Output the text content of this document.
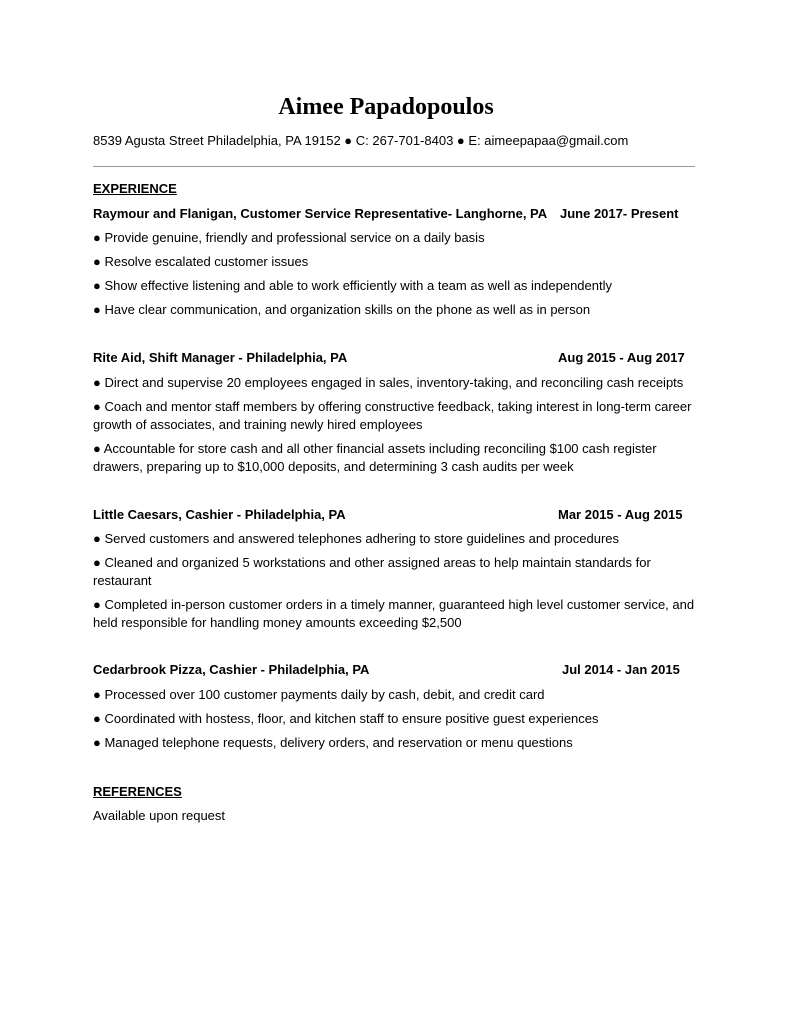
Aimee Papadopoulos
8539 Agusta Street Philadelphia, PA 19152 ● C: 267-701-8403 ● E: aimeepapaa@gmail.com
EXPERIENCE
Raymour and Flanigan, Customer Service Representative- Langhorne, PA June 2017- Present
● Provide genuine, friendly and professional service on a daily basis
● Resolve escalated customer issues
● Show effective listening and able to work efficiently with a team as well as independently
● Have clear communication, and organization skills on the phone as well as in person
Rite Aid, Shift Manager - Philadelphia, PA	Aug 2015 - Aug 2017
● Direct and supervise 20 employees engaged in sales, inventory-taking, and reconciling cash receipts
● Coach and mentor staff members by offering constructive feedback, taking interest in long-term career growth of associates, and training newly hired employees
● Accountable for store cash and all other financial assets including reconciling $100 cash register drawers, preparing up to $10,000 deposits, and determining 3 cash audits per week
Little Caesars, Cashier - Philadelphia, PA	Mar 2015 - Aug 2015
● Served customers and answered telephones adhering to store guidelines and procedures
● Cleaned and organized 5 workstations and other assigned areas to help maintain standards for restaurant
● Completed in-person customer orders in a timely manner, guaranteed high level customer service, and held responsible for handling money amounts exceeding $2,500
Cedarbrook Pizza, Cashier - Philadelphia, PA	Jul 2014 - Jan 2015
● Processed over 100 customer payments daily by cash, debit, and credit card
● Coordinated with hostess, floor, and kitchen staff to ensure positive guest experiences
● Managed telephone requests, delivery orders, and reservation or menu questions
REFERENCES
Available upon request
